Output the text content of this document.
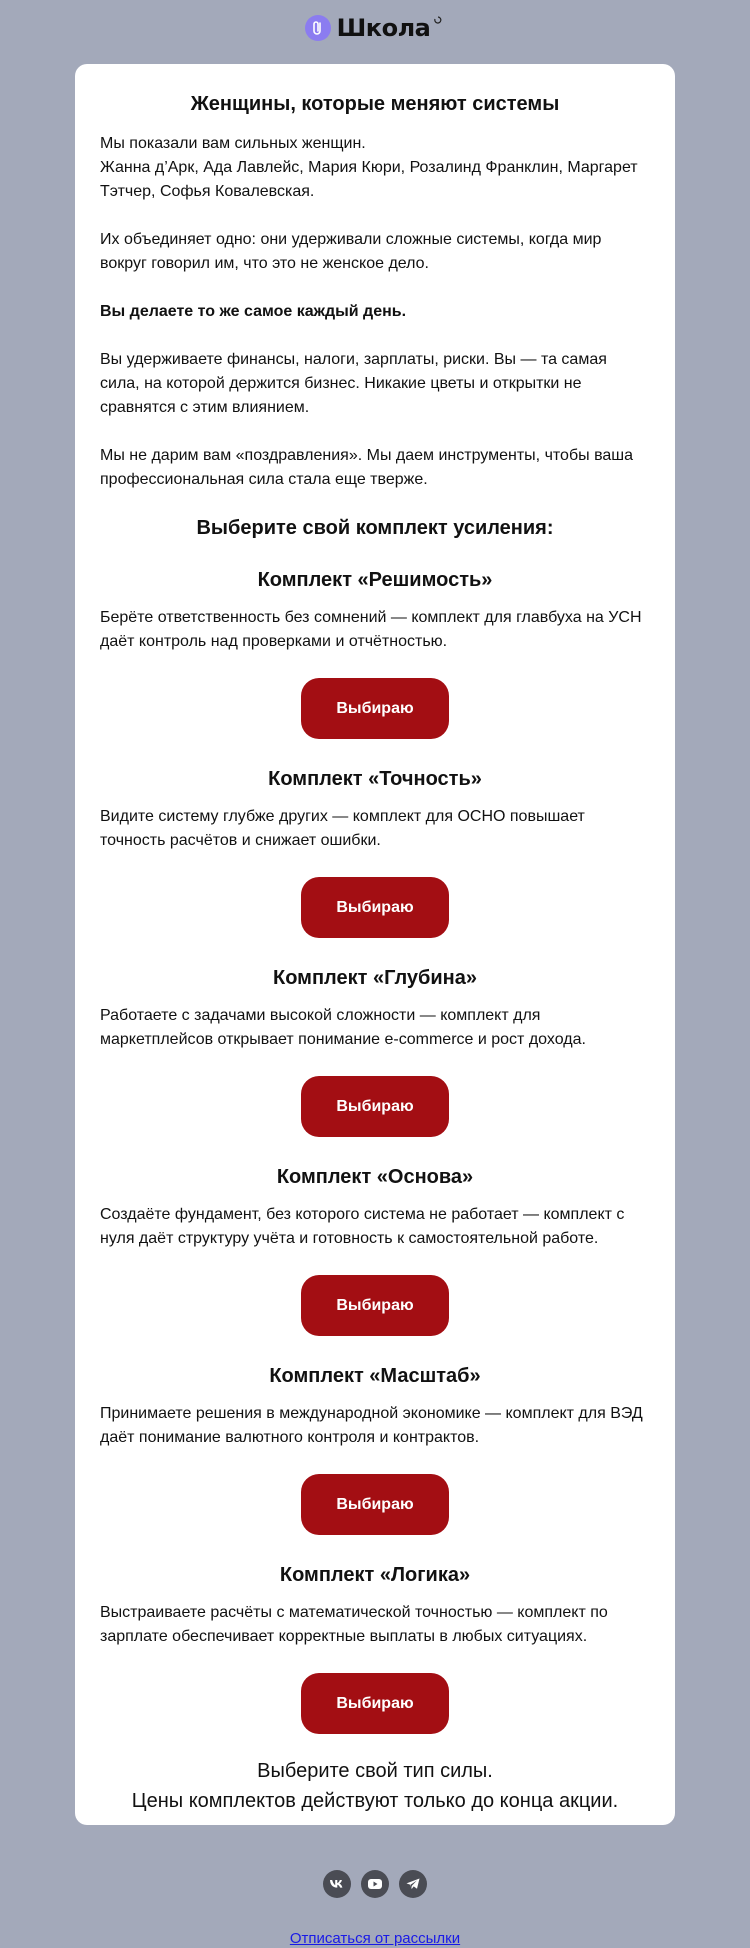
Школа
Женщины, которые меняют системы

Мы показали вам сильных женщин.
Жанна д’Арк, Ада Лавлейс, Мария Кюри, Розалинд Франклин, Маргарет Тэтчер, Софья Ковалевская.

Их объединяет одно: они удерживали сложные системы, когда мир вокруг говорил им, что это не женское дело.

Вы делаете то же самое каждый день.

Вы удерживаете финансы, налоги, зарплаты, риски. Вы — та самая сила, на которой держится бизнес. Никакие цветы и открытки не сравнятся с этим влиянием.

Мы не дарим вам «поздравления». Мы даем инструменты, чтобы ваша профессиональная сила стала еще тверже.

Выберите свой комплект усиления:
Комплект «Решимость»

Берёте ответственность без сомнений — комплект для главбуха на УСН даёт контроль над проверками и отчётностью.

Выбираю
Комплект «Точность»

Видите систему глубже других — комплект для ОСНО повышает точность расчётов и снижает ошибки.

Выбираю
Комплект «Глубина»

Работаете с задачами высокой сложности — комплект для маркетплейсов открывает понимание e-commerce и рост дохода.

Выбираю
Комплект «Основа»

Создаёте фундамент, без которого система не работает — комплект с нуля даёт структуру учёта и готовность к самостоятельной работе.

Выбираю
Комплект «Масштаб»

Принимаете решения в международной экономике — комплект для ВЭД даёт понимание валютного контроля и контрактов.

Выбираю
Комплект «Логика»

Выстраиваете расчёты с математической точностью — комплект по зарплате обеспечивает корректные выплаты в любых ситуациях.

Выбираю
Выберите свой тип силы.
Цены комплектов действуют только до конца акции.
Отписаться от рассылки
